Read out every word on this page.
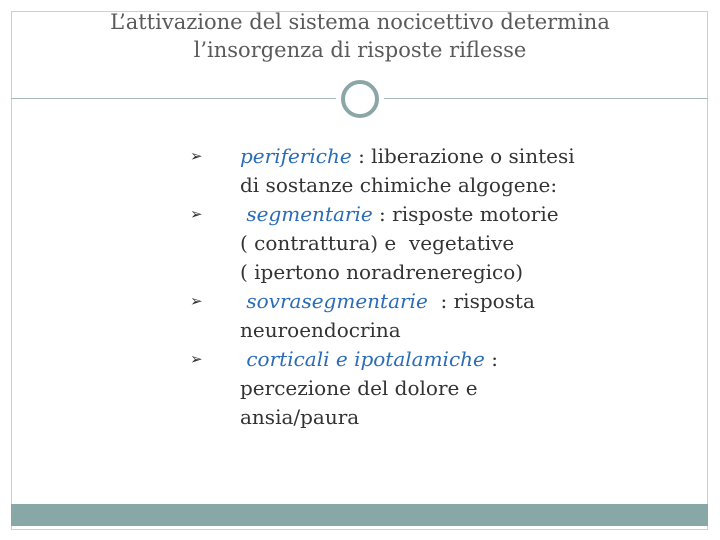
L’attivazione del sistema nocicettivo determina
l’insorgenza di risposte riflesse
➢ periferiche : liberazione o sintesi
di sostanze chimiche algogene:
➢ segmentarie : risposte motorie
( contrattura) e  vegetative
( ipertono noradreneregico)
➢ sovrasegmentarie  : risposta
neuroendocrina
➢ corticali e ipotalamiche :
percezione del dolore e
ansia/paura
